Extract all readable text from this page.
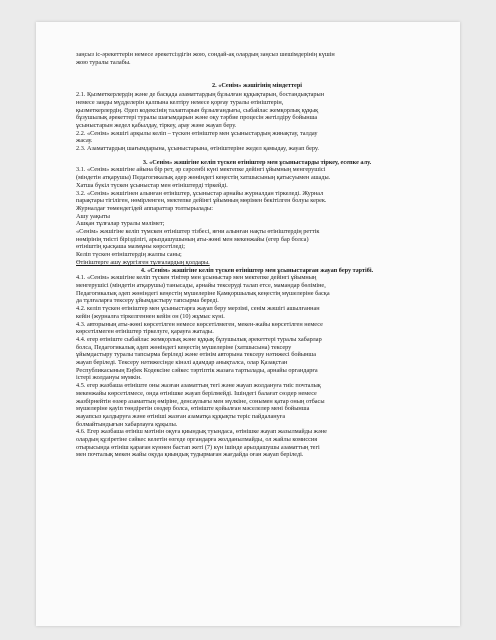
заңсыз іс-әрекеттерін немесе әрекетсіздігін жою, сондай-ақ олардың заңсыз шешімдерінің күшін

жою туралы талабы.

2. «Сенім» жәшігінің міндеттері

2.1. Қызметкерлердің және де басқада азаматтардың бұзылған құқықтарын, бостандықтарын

немесе заңды мүдделерін қалпына келтіру немесе қорғау туралы өтініштерін,

қызметкерлердің. Әдеп кодексінің талаптарын бұзылғандығы, сыбайлас жемқорлық құқық

бұзушылық әрекеттері туралы шағымдарын және оқу тәрбие процесін жетілдіру бойынша

ұсыныстарын жедел қабылдау, тіркеу, арау және жауап беру.

2.2. «Сенім» жәшігі арқылы келіп – түскен өтініштер мен ұсыныстардың жинақтау, талдау

жасау.

2.3. Азаматтардың шағымдарына, ұсыныстарына, өтініштеріне жедел қамыдау, жауап беру.

3. «Сенім» жәшігіне келіп түскен өтініштер мен ұсыныстарды тіркеу, есепке алу.

3.1. «Сенім» жәшігіне айына бір рет, әр сәрсенбі күні мектепке дейінгі ұйымның менгерушісі

(міндетін атқарушы) Педагогикалық әдер жөніндегі кеңестің хатшысының қатысуымен ашады.

Хатша бүкіл түскен ұсыныстар мен өтініштерді тіркейді.

3.2. «Сенім» жәшігінен алынған өтініштер, ұсыныстар арнайы журналдан тіркеледі. Журнал

парақтары тігіліген, нөмірленген, мектепке дейінгі ұйымның мөрімен бекітілген болуы керек.

Журналдағ төмендегідей аппараттар толтырылады:

Ашу уақыты

Ашқан тұлғалар туралы мәлімет;

«Сенім» жәшігіне келіп түмскен өтініштер тізбесі, яғни алынған нақты өтініштердің реттік

нөмірінің тиісті бірізділігі, арыздашушының аты-жөні мен мекенжайы (егер бар болса)

өтініштің қысқаша мазмұны көрсетіледі;

Келіп түскен өтініштердің жалпы саны;

Өтініштерге ашу жүргізген тұлғалардың қолдары.

4. «Сенім» жәшігіне келіп түскен өтініштер мен ұсыныстарған жауап беру тәртібі.

4.1. «Сенім» жәшігіне келіп түскен тінітер мен ұсыныстар мен мектепке дейінгі ұйымның

менгерушісі (міндетін атқарушы) танысады, арнайы тексеруді талап етсе, мамандар бөліміне,

Педагогикалық әдеп жөніндегі кеңестің мүшелеріне Қамқоршылық кеңестің мүшелеріне басқа

да тұлғаларға тексеру ұйымдастыру тапсырма береді.

4.2. келіп түскен өтініштер мен ұсыныстарға жауап беру мерзімі, сенім жәшігі ашылғаннан

кейін (журналға тіркелгеннен кейін он (10) жұмыс күні.

4.3. авторының аты-жөні көрсетілген немесе көрсетілмеген, мекен-жайы көрсетілген немесе

көрсетілмеген өтініштер тіркелуге, қарауға жатады.

4.4. егер өтініште сыбайлас жемқорлық және құқық бұзушылық әрекеттері туралы хабарлар

болса, Педагогикалық әдеп жөніндегі кеңестің мүшелеріне (хатшысына) тексеру

ұйымдастыру туралы тапсырма беріледі және өтінім авторына тексеру нәтижесі бойынша

жауап беріледі. Тексеру нәтижесінде кінәлі адамдар анықталса, олар Қазақстан

Республикасының Еңбек Кодексіне сәйкес тәртіптік жазаға тартылады, арнайы органдарға

істері жолдануы мүмкін.

4.5. егер жазбаша өтініште оны жазған азаматтың тегі және жауап жолдануға тиіс почталық

мекенжайы көрсетілмесе, онда өтінішке жауап берілмейді. Ішіндегі балағат сөздер немесе

жазбірнейтін өзәер азаматтың өміріне, денсаулығы мен мүлкіне, сонымен қатар оның отбасы

мүшелеріне қауіп төндіретін сөздер болса, өтініште қойылған мәселелер мені бойынша

жауапсыз қалдыруға және өтініші жазған азаматқа құқықты теріс пайдалануға

болмайтындығын хабарлауға құқылы.

4.6. Егер жазбаша өтініш мәтінін оқуға қиындық туындаса, өтінішке жауап жазылмайды және

олардың құзіретіне сәйкес келетін өзгеде органдарға жолданылмайды, ол жайлы комиссия

отырысында өтініш қараған күннен бастап жеті (7) күн ішінде арыздашушы азаматтың тегі

мен почталық мекен жайы оқуда қиындық тудырмаған жағдайда оған жауап беріледі.
